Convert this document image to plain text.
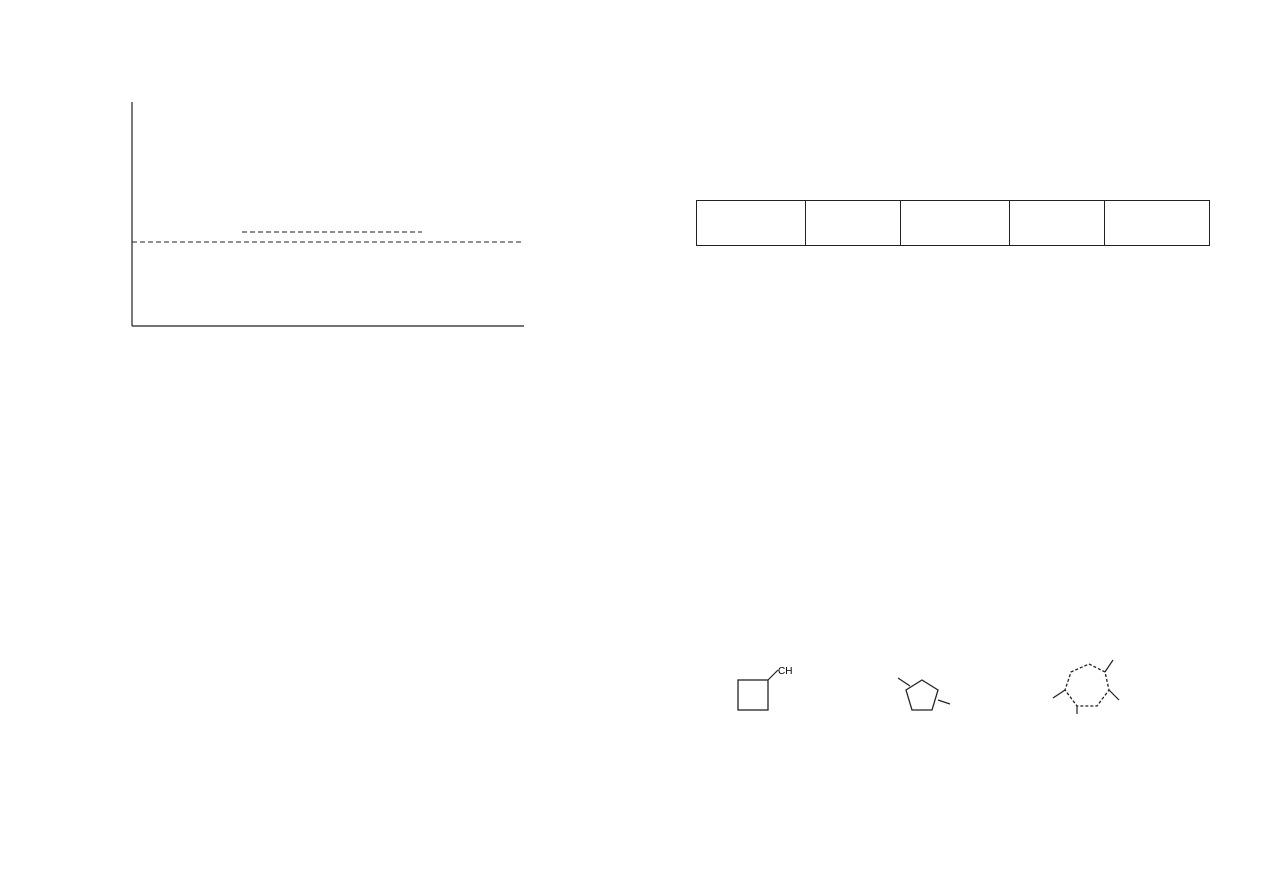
CH
